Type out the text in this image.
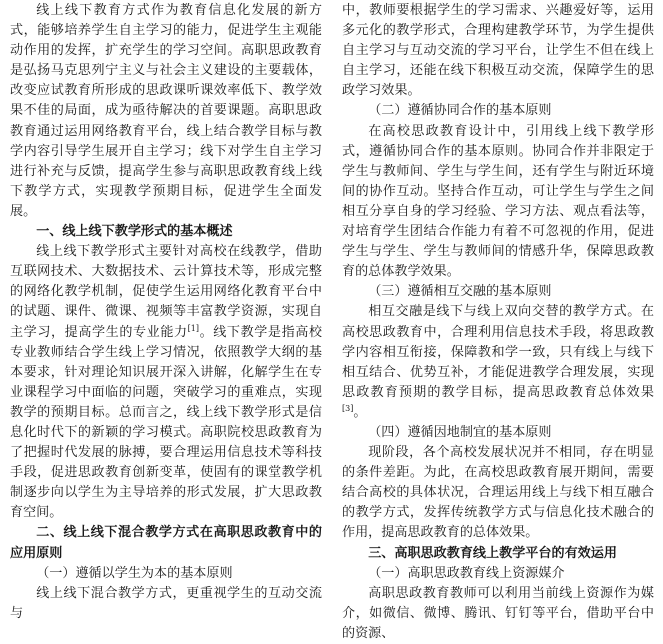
线上线下教育方式作为教育信息化发展的新方式，能够培养学生自主学习的能力，促进学生主观能动作用的发挥，扩充学生的学习空间。高职思政教育是弘扬马克思列宁主义与社会主义建设的主要载体，改变应试教育所形成的思政课听课效率低下、教学效果不佳的局面，成为亟待解决的首要课题。高职思政教育通过运用网络教育平台，线上结合教学目标与教学内容引导学生展开自主学习；线下对学生自主学习进行补充与反馈，提高学生参与高职思政教育线上线下教学方式，实现教学预期目标，促进学生全面发展。

一、线上线下教学形式的基本概述

线上线下教学形式主要针对高校在线教学，借助互联网技术、大数据技术、云计算技术等，形成完整的网络化教学机制，促使学生运用网络化教育平台中的试题、课件、微课、视频等丰富教学资源，实现自主学习，提高学生的专业能力[1]。线下教学是指高校专业教师结合学生线上学习情况，依照教学大纲的基本要求，针对理论知识展开深入讲解，化解学生在专业课程学习中面临的问题，突破学习的重难点，实现教学的预期目标。总而言之，线上线下教学形式是信息化时代下的新颖的学习模式。高职院校思政教育为了把握时代发展的脉搏，要合理运用信息技术等科技手段，促进思政教育创新变革，使固有的课堂教学机制逐步向以学生为主导培养的形式发展，扩大思政教育空间。

二、线上线下混合教学方式在高职思政教育中的应用原则
（一）遵循以学生为本的基本原则

线上线下混合教学方式，更重视学生的互动交流与

中，教师要根据学生的学习需求、兴趣爱好等，运用多元化的教学形式，合理构建教学环节，为学生提供自主学习与互动交流的学习平台，让学生不但在线上自主学习，还能在线下积极互动交流，保障学生的思政学习效果。

（二）遵循协同合作的基本原则

在高校思政教育设计中，引用线上线下教学形式，遵循协同合作的基本原则。协同合作并非限定于学生与教师间、学生与学生间，还有学生与附近环境间的协作互动。坚持合作互动，可让学生与学生之间相互分享自身的学习经验、学习方法、观点看法等，对培育学生团结合作能力有着不可忽视的作用，促进学生与学生、学生与教师间的情感升华，保障思政教育的总体教学效果。

（三）遵循相互交融的基本原则

相互交融是线下与线上双向交替的教学方式。在高校思政教育中，合理利用信息技术手段，将思政教学内容相互衔接，保障教和学一致，只有线上与线下相互结合、优势互补，才能促进教学合理发展，实现思政教育预期的教学目标，提高思政教育总体效果[3]。

（四）遵循因地制宜的基本原则

现阶段，各个高校发展状况并不相同，存在明显的条件差距。为此，在高校思政教育展开期间，需要结合高校的具体状况，合理运用线上与线下相互融合的教学方式，发挥传统教学方式与信息化技术融合的作用，提高思政教育的总体效果。

三、高职思政教育线上教学平台的有效运用
（一）高职思政教育线上资源媒介

高职思政教育教师可以利用当前线上资源作为媒介，如微信、微博、腾讯、钉钉等平台，借助平台中的资源、
